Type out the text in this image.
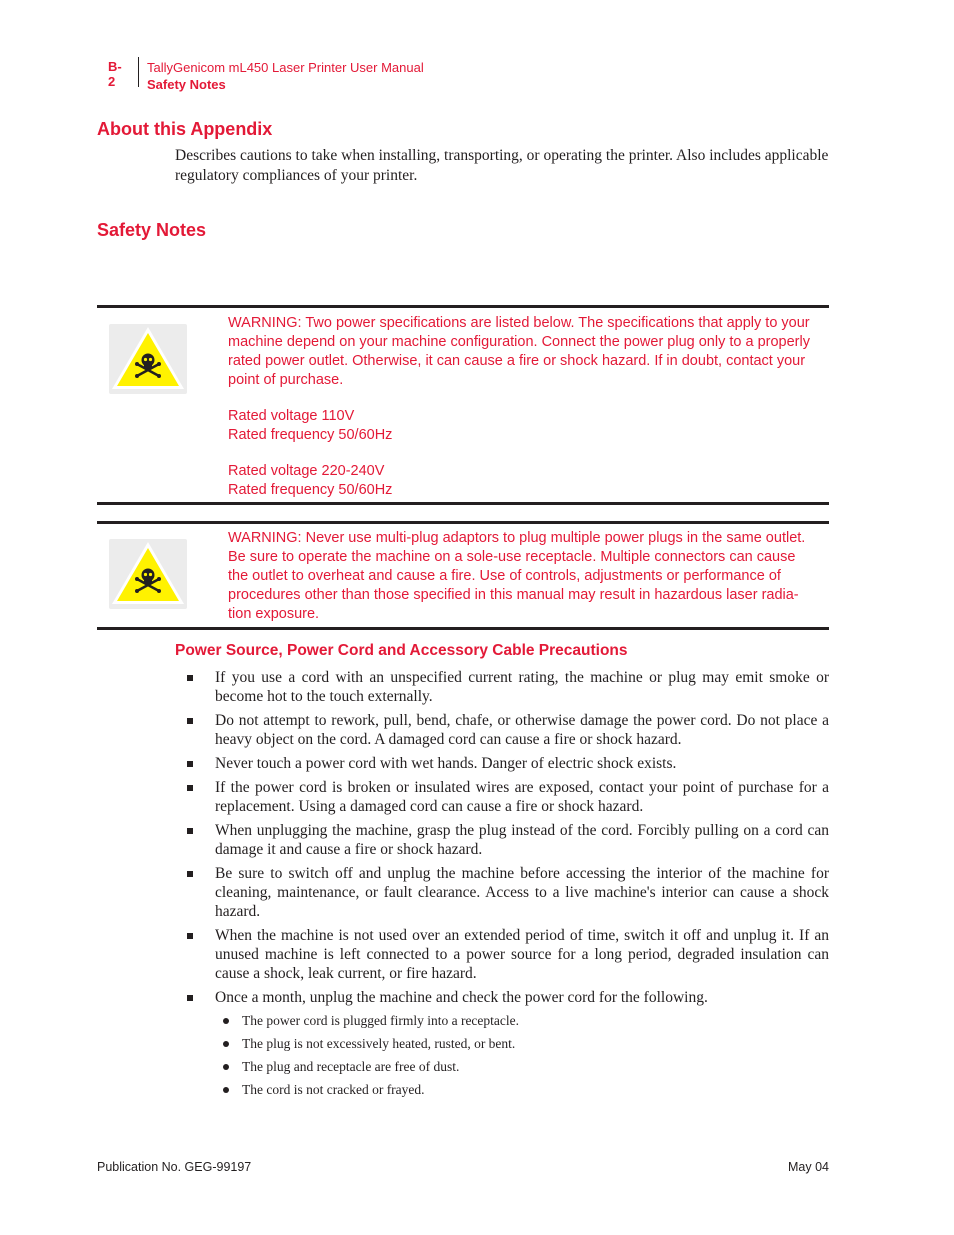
B-2
TallyGenicom mL450 Laser Printer User Manual
Safety Notes
About this Appendix
Describes cautions to take when installing, transporting, or operating the printer. Also includes applicable regulatory compliances of your printer.
Safety Notes
WARNING: Two power specifications are listed below. The specifications that apply to your
machine depend on your machine configuration. Connect the power plug only to a properly
rated power outlet. Otherwise, it can cause a fire or shock hazard. If in doubt, contact your
point of purchase.
Rated voltage 110V
Rated frequency 50/60Hz
Rated voltage 220-240V
Rated frequency 50/60Hz
WARNING: Never use multi-plug adaptors to plug multiple power plugs in the same outlet.
Be sure to operate the machine on a sole-use receptacle. Multiple connectors can cause
the outlet to overheat and cause a fire. Use of controls, adjustments or performance of
procedures other than those specified in this manual may result in hazardous laser radia-
tion exposure.
Power Source, Power Cord and Accessory Cable Precautions
If you use a cord with an unspecified current rating, the machine or plug may emit smoke or become hot to the touch externally.
Do not attempt to rework, pull, bend, chafe, or otherwise damage the power cord. Do not place a heavy object on the cord. A damaged cord can cause a fire or shock hazard.
Never touch a power cord with wet hands. Danger of electric shock exists.
If the power cord is broken or insulated wires are exposed, contact your point of purchase for a replacement. Using a damaged cord can cause a fire or shock hazard.
When unplugging the machine, grasp the plug instead of the cord. Forcibly pulling on a cord can damage it and cause a fire or shock hazard.
Be sure to switch off and unplug the machine before accessing the interior of the machine for cleaning, maintenance, or fault clearance. Access to a live machine's interior can cause a shock hazard.
When the machine is not used over an extended period of time, switch it off and unplug it. If an unused machine is left connected to a power source for a long period, degraded insulation can cause a shock, leak current, or fire hazard.
Once a month, unplug the machine and check the power cord for the following.
The power cord is plugged firmly into a receptacle.
The plug is not excessively heated, rusted, or bent.
The plug and receptacle are free of dust.
The cord is not cracked or frayed.
Publication No. GEG-99197	May 04
